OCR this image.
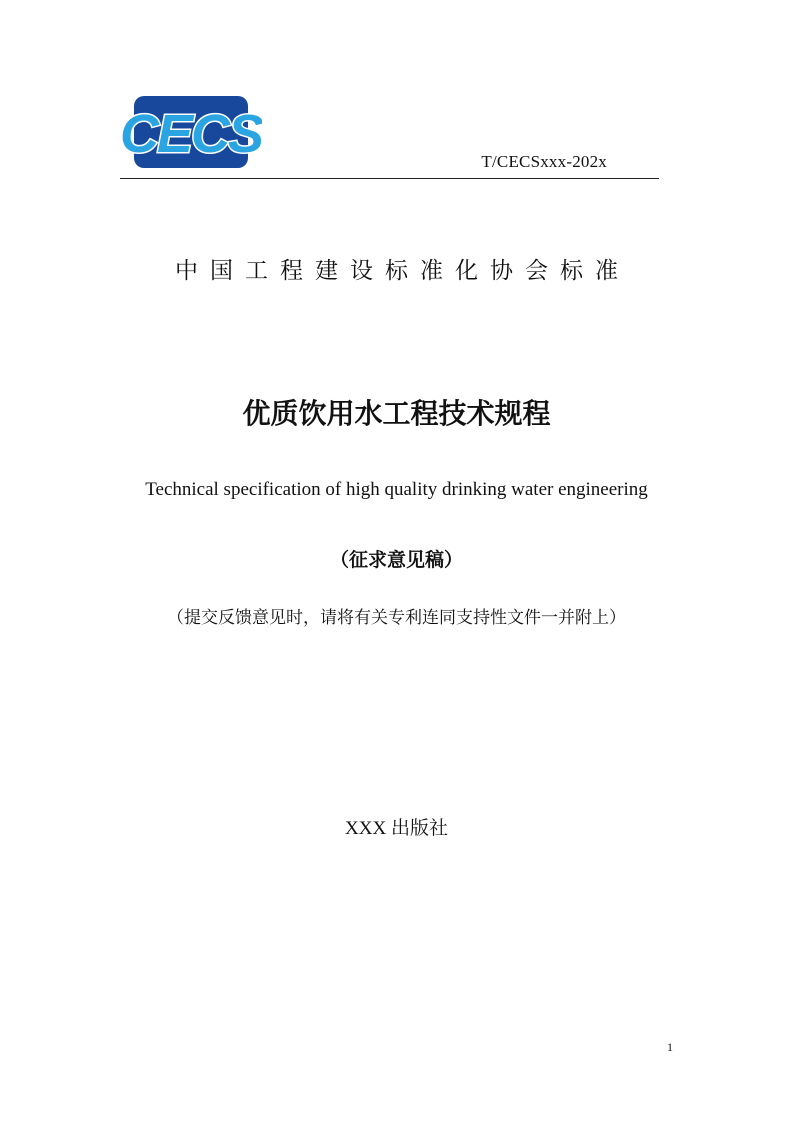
CECS	T/CECSxxx-202x
中国工程建设标准化协会标准
优质饮用水工程技术规程
Technical specification of high quality drinking water engineering
（征求意见稿）
（提交反馈意见时，请将有关专利连同支持性文件一并附上）
XXX 出版社
1
